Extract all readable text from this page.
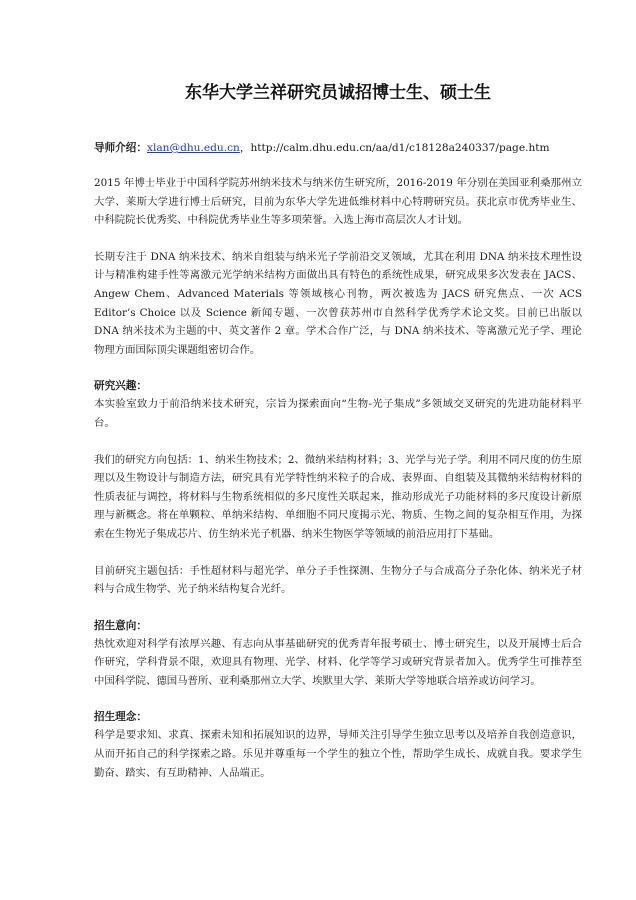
东华大学兰祥研究员诚招博士生、硕士生
导师介绍：xlan@dhu.edu.cn，http://calm.dhu.edu.cn/aa/d1/c18128a240337/page.htm

2015 年博士毕业于中国科学院苏州纳米技术与纳米仿生研究所，2016-2019 年分别在美国亚利桑那州立大学、莱斯大学进行博士后研究，目前为东华大学先进低维材料中心特聘研究员。获北京市优秀毕业生、中科院院长优秀奖、中科院优秀毕业生等多项荣誉。入选上海市高层次人才计划。

长期专注于 DNA 纳米技术、纳米自组装与纳米光子学前沿交叉领域，尤其在利用 DNA 纳米技术理性设计与精准构建手性等离激元光学纳米结构方面做出具有特色的系统性成果，研究成果多次发表在 JACS、Angew Chem、Advanced Materials 等领域核心刊物，两次被选为 JACS 研究焦点、一次 ACS Editor’s Choice 以及 Science 新闻专题、一次曾获苏州市自然科学优秀学术论文奖。目前已出版以 DNA 纳米技术为主题的中、英文著作 2 章。学术合作广泛，与 DNA 纳米技术、等离激元光子学、理论物理方面国际顶尖课题组密切合作。

研究兴趣：

本实验室致力于前沿纳米技术研究，宗旨为探索面向“生物-光子集成”多领域交叉研究的先进功能材料平台。

我们的研究方向包括：1、纳米生物技术；2、微纳米结构材料；3、光学与光子学。利用不同尺度的仿生原理以及生物设计与制造方法，研究具有光学特性纳米粒子的合成、表界面、自组装及其微纳米结构材料的性质表征与调控，将材料与生物系统相似的多尺度性关联起来，推动形成光子功能材料的多尺度设计新原理与新概念。将在单颗粒、单纳米结构、单细胞不同尺度揭示光、物质、生物之间的复杂相互作用，为探索在生物光子集成芯片、仿生纳米光子机器、纳米生物医学等领域的前沿应用打下基础。

目前研究主题包括：手性超材料与超光学、单分子手性探测、生物分子与合成高分子杂化体、纳米光子材料与合成生物学、光子纳米结构复合光纤。

招生意向：

热忱欢迎对科学有浓厚兴趣、有志向从事基础研究的优秀青年报考硕士、博士研究生，以及开展博士后合作研究，学科背景不限，欢迎具有物理、光学、材料、化学等学习或研究背景者加入。优秀学生可推荐至中国科学院、德国马普所、亚利桑那州立大学、埃默里大学、莱斯大学等地联合培养或访问学习。

招生理念：

科学是要求知、求真、探索未知和拓展知识的边界，导师关注引导学生独立思考以及培养自我创造意识，从而开拓自己的科学探索之路。乐见并尊重每一个学生的独立个性，帮助学生成长、成就自我。要求学生勤奋、踏实、有互助精神、人品端正。
